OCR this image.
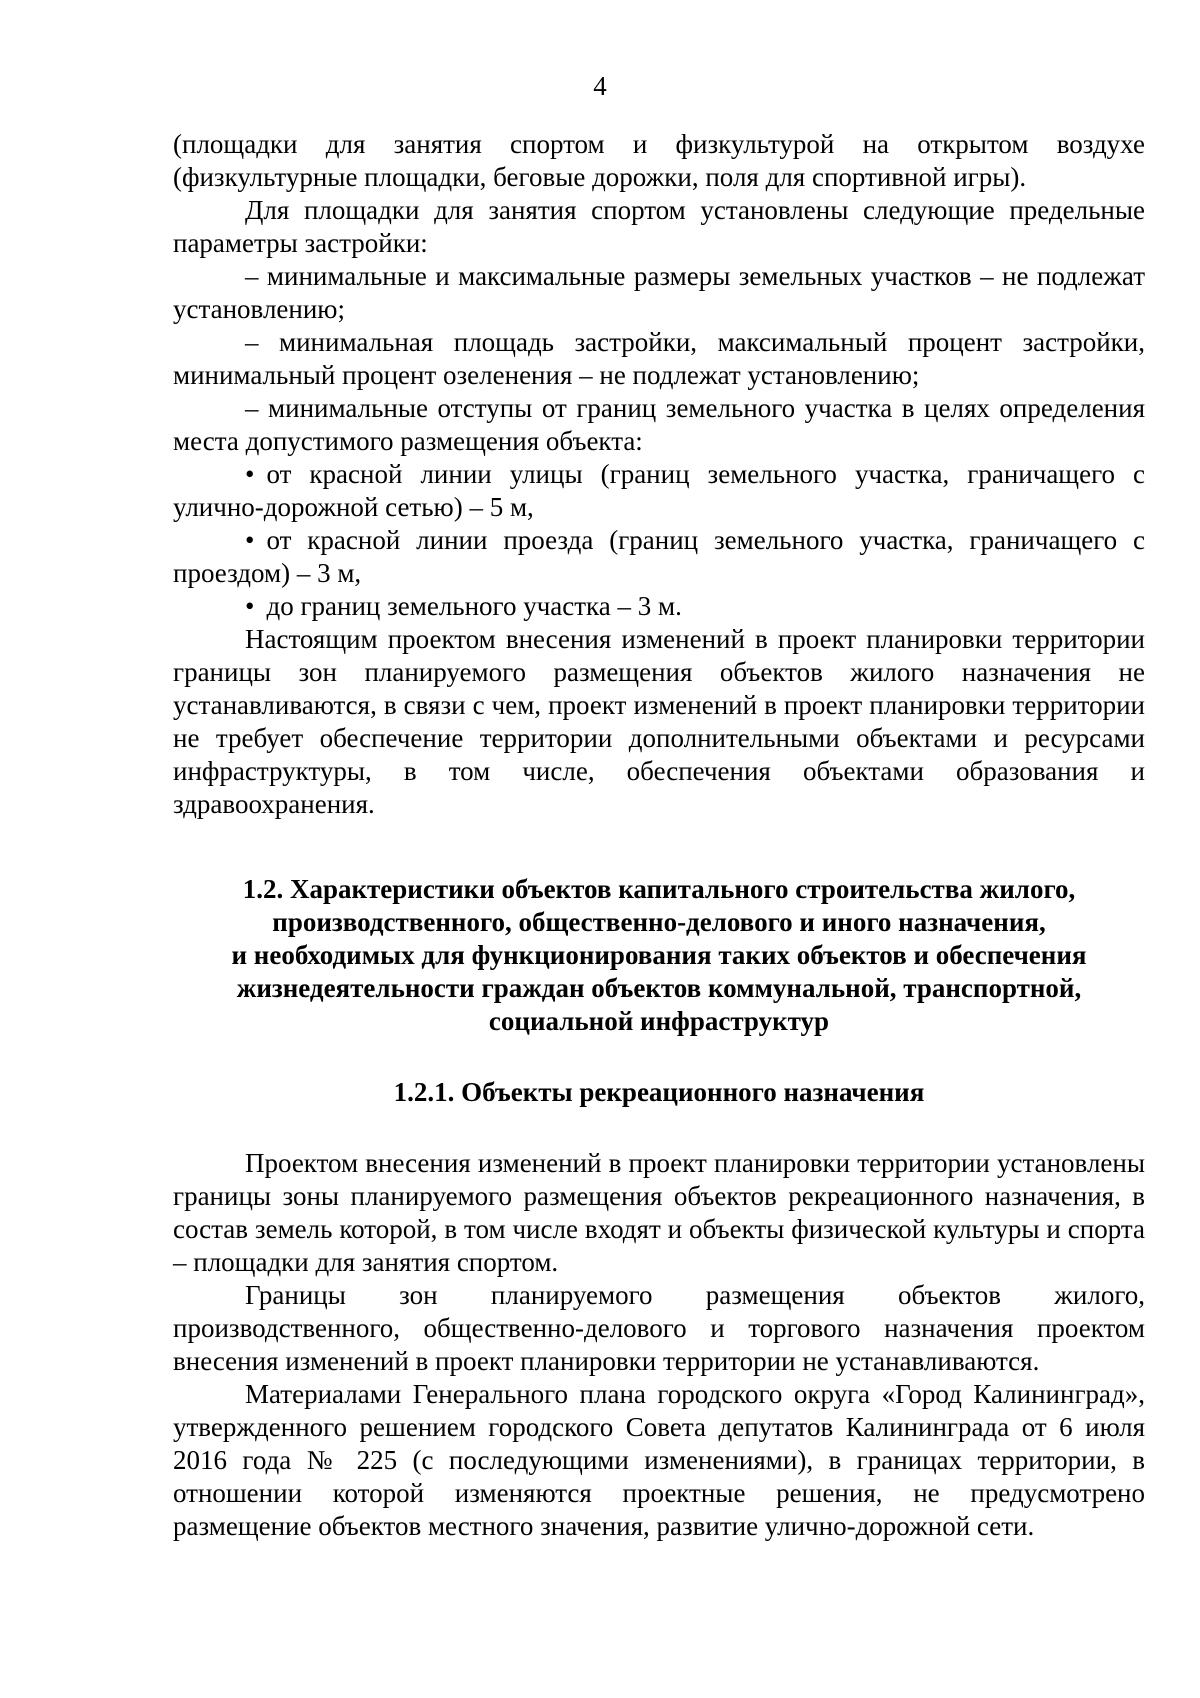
4

(площадки для занятия спортом и физкультурой на открытом воздухе (физкультурные площадки, беговые дорожки, поля для спортивной игры).

Для площадки для занятия спортом установлены следующие предельные параметры застройки:

– минимальные и максимальные размеры земельных участков – не подлежат установлению;

– минимальная площадь застройки, максимальный процент застройки, минимальный процент озеленения – не подлежат установлению;

– минимальные отступы от границ земельного участка в целях определения места допустимого размещения объекта:

• от красной линии улицы (границ земельного участка, граничащего с улично-дорожной сетью) – 5 м,

• от красной линии проезда (границ земельного участка, граничащего с проездом) – 3 м,

• до границ земельного участка – 3 м.

Настоящим проектом внесения изменений в проект планировки территории границы зон планируемого размещения объектов жилого назначения не устанавливаются, в связи с чем, проект изменений в проект планировки территории не требует обеспечение территории дополнительными объектами и ресурсами инфраструктуры, в том числе, обеспечения объектами образования и здравоохранения.

1.2. Характеристики объектов капитального строительства жилого,
производственного, общественно-делового и иного назначения,
и необходимых для функционирования таких объектов и обеспечения
жизнедеятельности граждан объектов коммунальной, транспортной,
социальной инфраструктур
1.2.1. Объекты рекреационного назначения

Проектом внесения изменений в проект планировки территории установлены границы зоны планируемого размещения объектов рекреационного назначения, в состав земель которой, в том числе входят и объекты физической культуры и спорта – площадки для занятия спортом.

Границы зон планируемого размещения объектов жилого, производственного, общественно-делового и торгового назначения проектом внесения изменений в проект планировки территории не устанавливаются.

Материалами Генерального плана городского округа «Город Калининград», утвержденного решением городского Совета депутатов Калининграда от 6 июля 2016 года № 225 (с последующими изменениями), в границах территории, в отношении которой изменяются проектные решения, не предусмотрено размещение объектов местного значения, развитие улично-дорожной сети.
